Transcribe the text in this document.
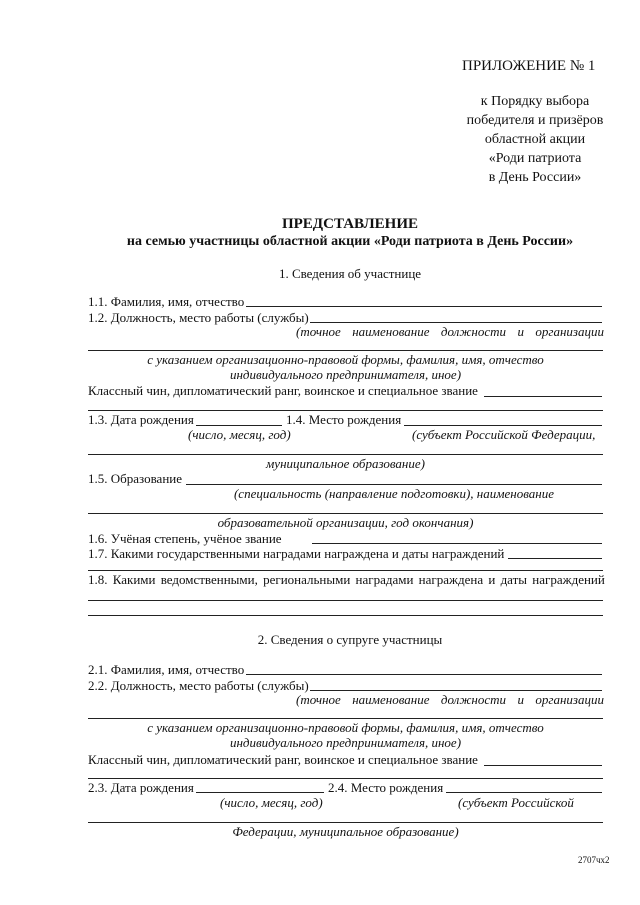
ПРИЛОЖЕНИЕ № 1
к Порядку выбора
победителя и призёров
областной акции
«Роди патриота
в День России»
ПРЕДСТАВЛЕНИЕ
на семью участницы областной акции «Роди патриота в День России»
1. Сведения об участнице
1.1. Фамилия, имя, отчество
1.2. Должность, место работы (службы)
(точное наименование должности и организации
с указанием организационно-правовой формы, фамилия, имя, отчество
индивидуального предпринимателя, иное)
Классный чин, дипломатический ранг, воинское и специальное звание
1.3. Дата рождения	1.4. Место рождения
(число, месяц, год)	(субъект Российской Федерации,
муниципальное образование)
1.5. Образование
(специальность (направление подготовки), наименование
образовательной организации, год окончания)
1.6. Учёная степень, учёное звание
1.7. Какими государственными наградами награждена и даты награждений
1.8. Какими ведомственными, региональными наградами награждена и даты награждений
2. Сведения о супруге участницы
2.1. Фамилия, имя, отчество
2.2. Должность, место работы (службы)
(точное наименование должности и организации
с указанием организационно-правовой формы, фамилия, имя, отчество
индивидуального предпринимателя, иное)
Классный чин, дипломатический ранг, воинское и специальное звание
2.3. Дата рождения	2.4. Место рождения
(число, месяц, год)	(субъект Российской
Федерации, муниципальное образование)
2707чх2
